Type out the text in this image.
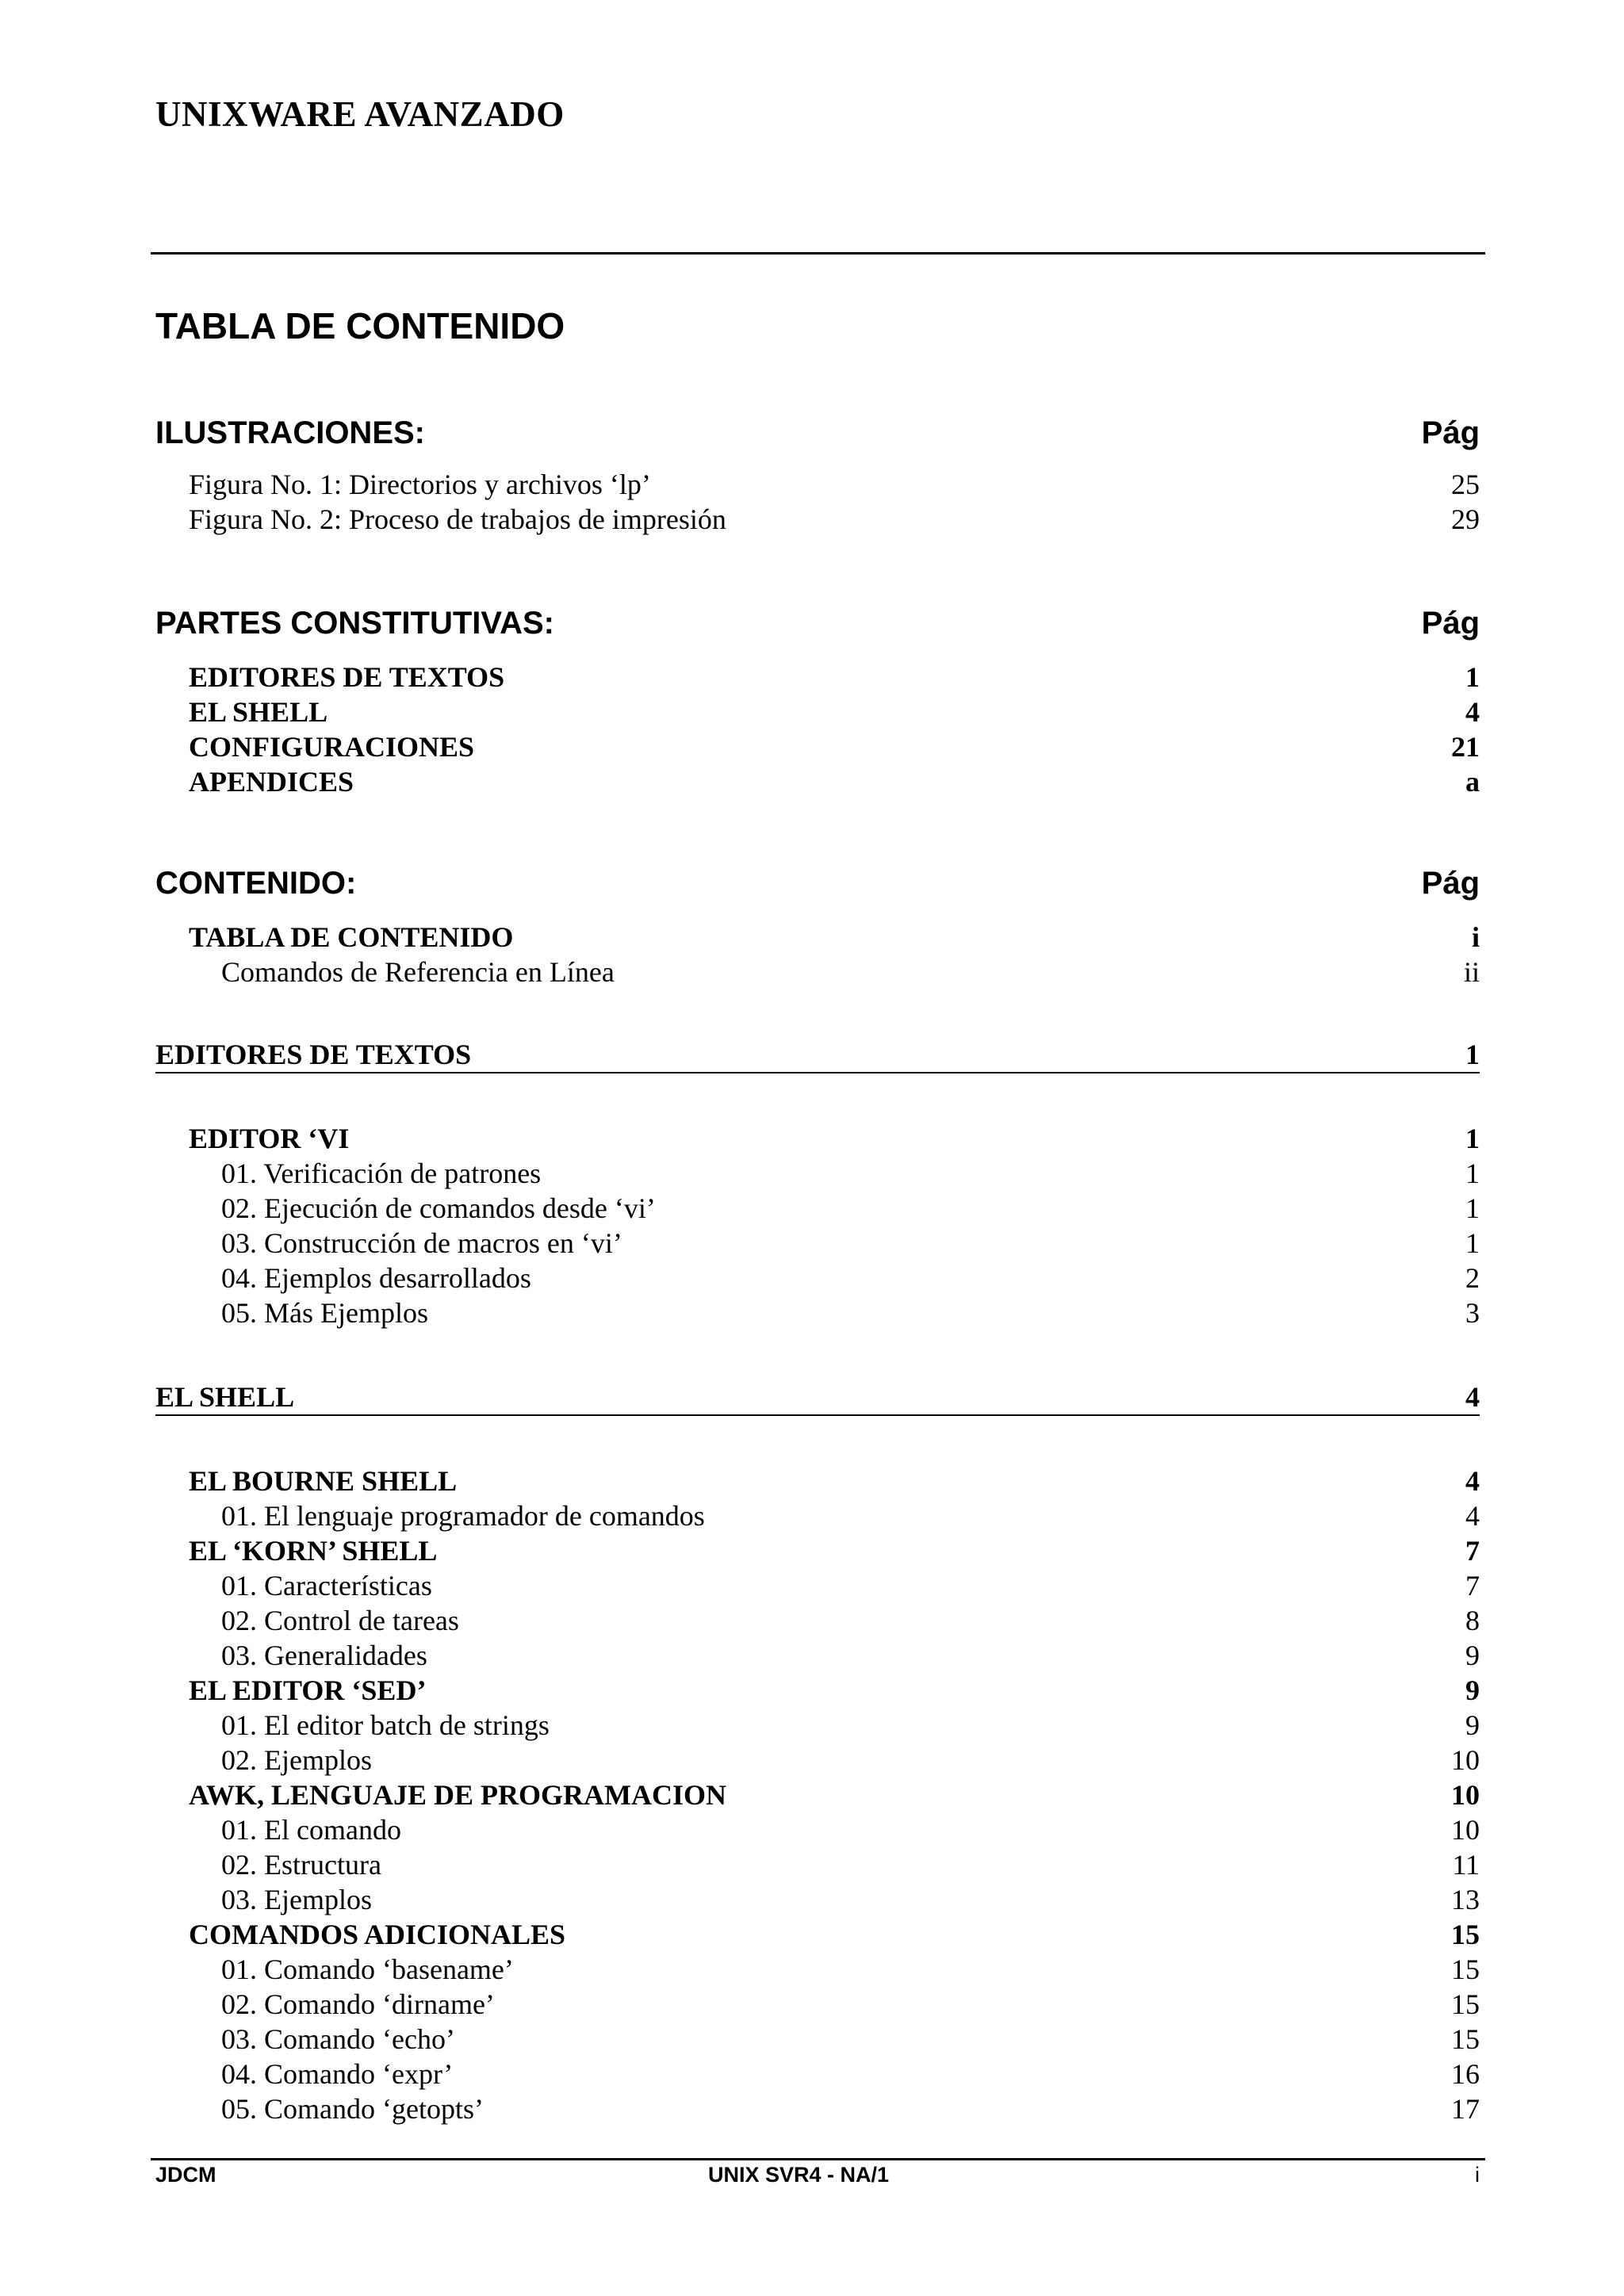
UNIXWARE AVANZADO
TABLA DE CONTENIDO
ILUSTRACIONES:	Pág
Figura No. 1: Directorios y archivos ‘lp’	25
Figura No. 2: Proceso de trabajos de impresión	29
PARTES CONSTITUTIVAS:	Pág
EDITORES DE TEXTOS	1
EL SHELL	4
CONFIGURACIONES	21
APENDICES	a
CONTENIDO:	Pág
TABLA DE CONTENIDO	i
Comandos de Referencia en Línea	ii
EDITORES DE TEXTOS	1
EDITOR ‘VI	1
01. Verificación de patrones	1
02. Ejecución de comandos desde ‘vi’	1
03. Construcción de macros en ‘vi’	1
04. Ejemplos desarrollados	2
05. Más Ejemplos	3
EL SHELL	4
EL BOURNE SHELL	4
01. El lenguaje programador de comandos	4
EL ‘KORN’ SHELL	7
01. Características	7
02. Control de tareas	8
03. Generalidades	9
EL EDITOR ‘SED’	9
01. El editor batch de strings	9
02. Ejemplos	10
AWK, LENGUAJE DE PROGRAMACION	10
01. El comando	10
02. Estructura	11
03. Ejemplos	13
COMANDOS ADICIONALES	15
01. Comando ‘basename’	15
02. Comando ‘dirname’	15
03. Comando ‘echo’	15
04. Comando ‘expr’	16
05. Comando ‘getopts’	17
JDCM	UNIX SVR4 - NA/1	i
